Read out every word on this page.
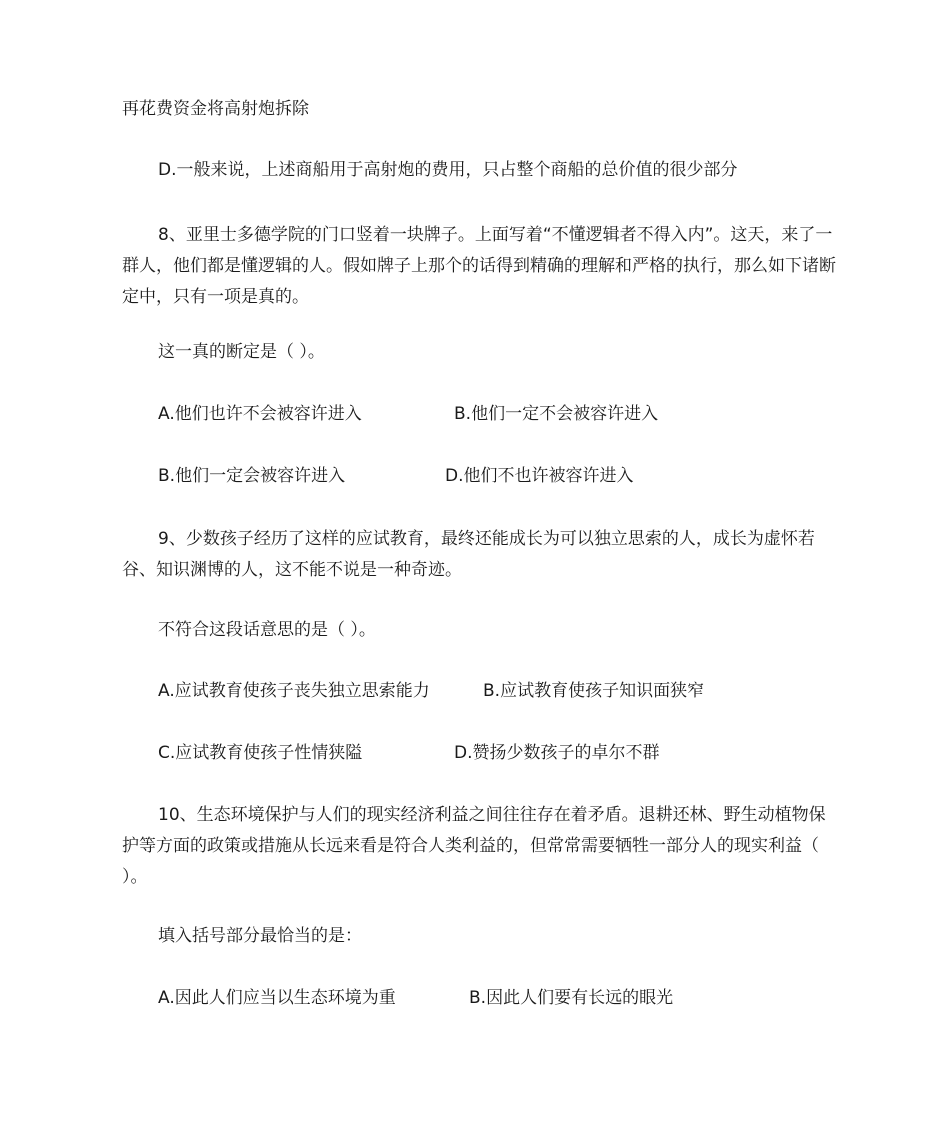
再花费资金将高射炮拆除
D.一般来说，上述商船用于高射炮的费用，只占整个商船的总价值的很少部分
8、亚里士多德学院的门口竖着一块牌子。上面写着“不懂逻辑者不得入内”。这天，来了一群人，他们都是懂逻辑的人。假如牌子上那个的话得到精确的理解和严格的执行，那么如下诸断定中，只有一项是真的。
这一真的断定是（ ）。
A.他们也许不会被容许进入	B.他们一定不会被容许进入
B.他们一定会被容许进入	D.他们不也许被容许进入
9、少数孩子经历了这样的应试教育，最终还能成长为可以独立思索的人，成长为虚怀若谷、知识渊博的人，这不能不说是一种奇迹。
不符合这段话意思的是（ ）。
A.应试教育使孩子丧失独立思索能力	B.应试教育使孩子知识面狭窄
C.应试教育使孩子性情狭隘	D.赞扬少数孩子的卓尔不群
10、生态环境保护与人们的现实经济利益之间往往存在着矛盾。退耕还林、野生动植物保护等方面的政策或措施从长远来看是符合人类利益的，但常常需要牺牲一部分人的现实利益（ ）。
填入括号部分最恰当的是：
A.因此人们应当以生态环境为重	B.因此人们要有长远的眼光
